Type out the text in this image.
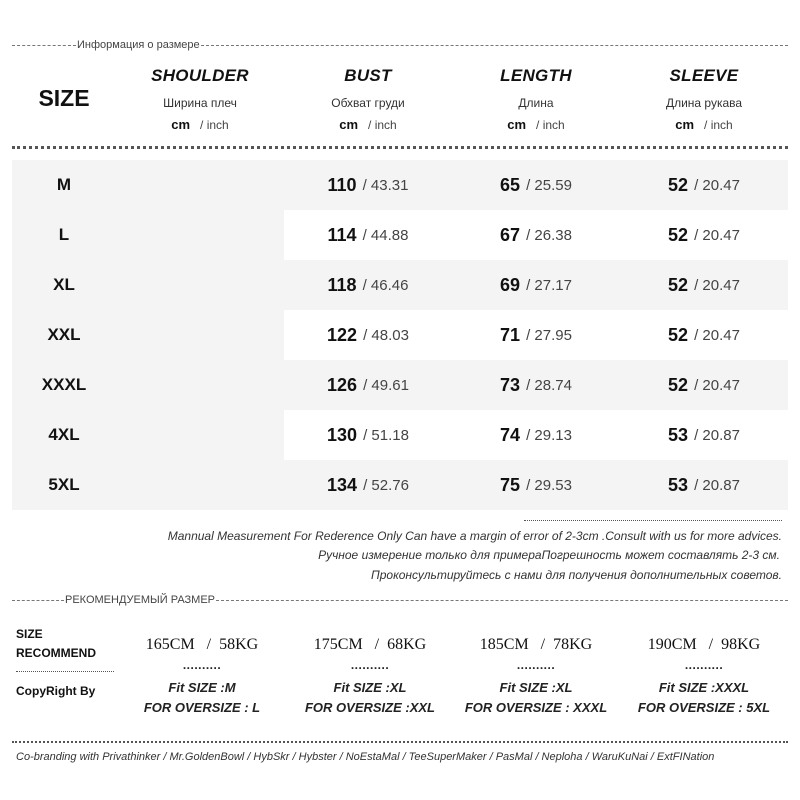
Информация о размере
SIZE
SHOULDER
Ширина плеч
cm / inch
BUST
Обхват груди
cm / inch
LENGTH
Длина
cm / inch
SLEEVE
Длина рукава
cm / inch
M	110 / 43.31	65 / 25.59	52 / 20.47
L	114 / 44.88	67 / 26.38	52 / 20.47
XL	118 / 46.46	69 / 27.17	52 / 20.47
XXL	122 / 48.03	71 / 27.95	52 / 20.47
XXXL	126 / 49.61	73 / 28.74	52 / 20.47
4XL	130 / 51.18	74 / 29.13	53 / 20.87
5XL	134 / 52.76	75 / 29.53	53 / 20.87
Mannual Measurement For Rederence Only Can have a margin of error of 2-3cm .Consult with us for more advices.
Ручное измерение только для примераПогрешность может составлять 2-3 см.
Проконсультируйтесь с нами для получения дополнительных советов.
РЕКОМЕНДУЕМЫЙ РАЗМЕР
SIZE
RECOMMEND
CopyRight By
165CM   /  58KG
..........
Fit SIZE :M
FOR OVERSIZE : L
175CM   /  68KG
..........
Fit SIZE :XL
FOR OVERSIZE :XXL
185CM   /  78KG
..........
Fit SIZE :XL
FOR OVERSIZE : XXXL
190CM   /  98KG
..........
Fit SIZE :XXXL
FOR OVERSIZE : 5XL
Co-branding with Privathinker / Mr.GoldenBowl / HybSkr / Hybster / NoEstaMal / TeeSuperMaker / PasMal / Neploha / WaruKuNai / ExtFINation
